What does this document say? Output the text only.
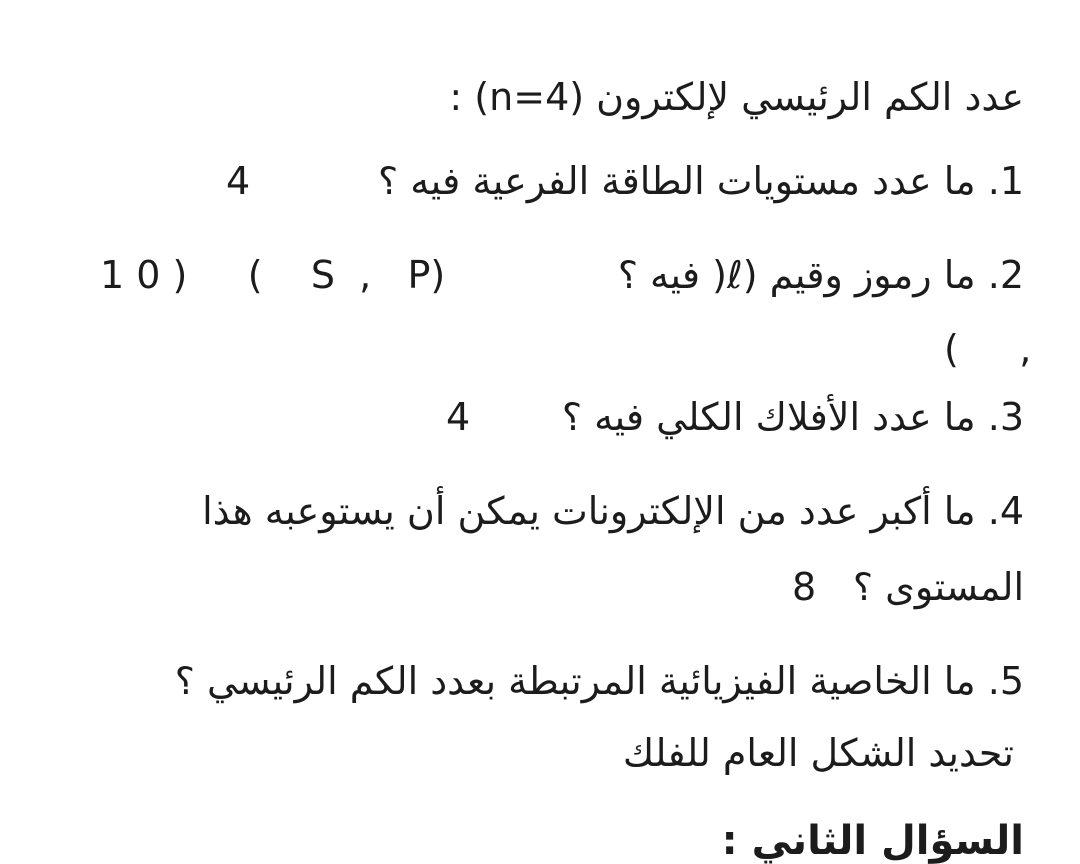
عدد الكم الرئيسي لإلكترون (n=4) :

1. ما عدد مستويات الطاقة الفرعية فيه ؟

4

2. ما رموز وقيم (ℓ( فيه ؟

1 0 )     (    S  ,   P)

(     ,

3. ما عدد الأفلاك الكلي فيه ؟

4

4. ما أكبر عدد من الإلكترونات يمكن أن يستوعبه هذا

المستوى ؟

8

5. ما الخاصية الفيزيائية المرتبطة بعدد الكم الرئيسي ؟

تحديد الشكل العام للفلك

السؤال الثاني :
